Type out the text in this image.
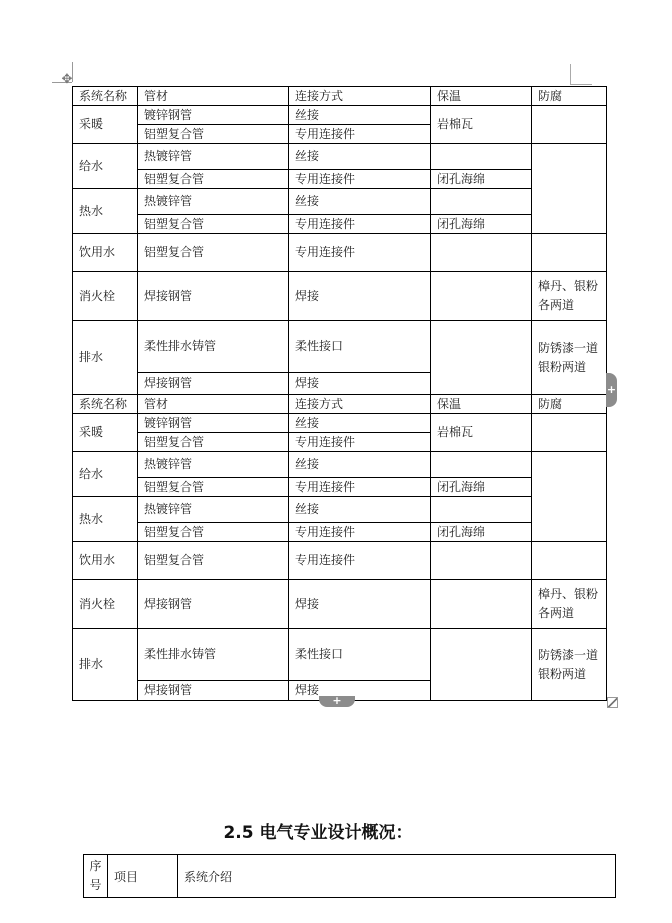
✥
系统名称	管材	连接方式	保温	防腐
采暖	镀锌钢管	丝接	岩棉瓦	
	铝塑复合管	专用连接件		
给水	热镀锌管	丝接		
	铝塑复合管	专用连接件	闭孔海绵	
热水	热镀锌管	丝接		
	铝塑复合管	专用连接件	闭孔海绵	
饮用水	铝塑复合管	专用连接件		
消火栓	焊接钢管	焊接		樟丹、银粉各两道
排水	柔性排水铸管	柔性接口		防锈漆一道银粉两道
	焊接钢管	焊接		
系统名称	管材	连接方式	保温	防腐
采暖	镀锌钢管	丝接	岩棉瓦	
	铝塑复合管	专用连接件		
给水	热镀锌管	丝接		
	铝塑复合管	专用连接件	闭孔海绵	
热水	热镀锌管	丝接		
	铝塑复合管	专用连接件	闭孔海绵	
饮用水	铝塑复合管	专用连接件		
消火栓	焊接钢管	焊接		樟丹、银粉各两道
排水	柔性排水铸管	柔性接口		防锈漆一道银粉两道
	焊接钢管	焊接		
+
+
2.5 电气专业设计概况：
序号	项目	系统介绍
